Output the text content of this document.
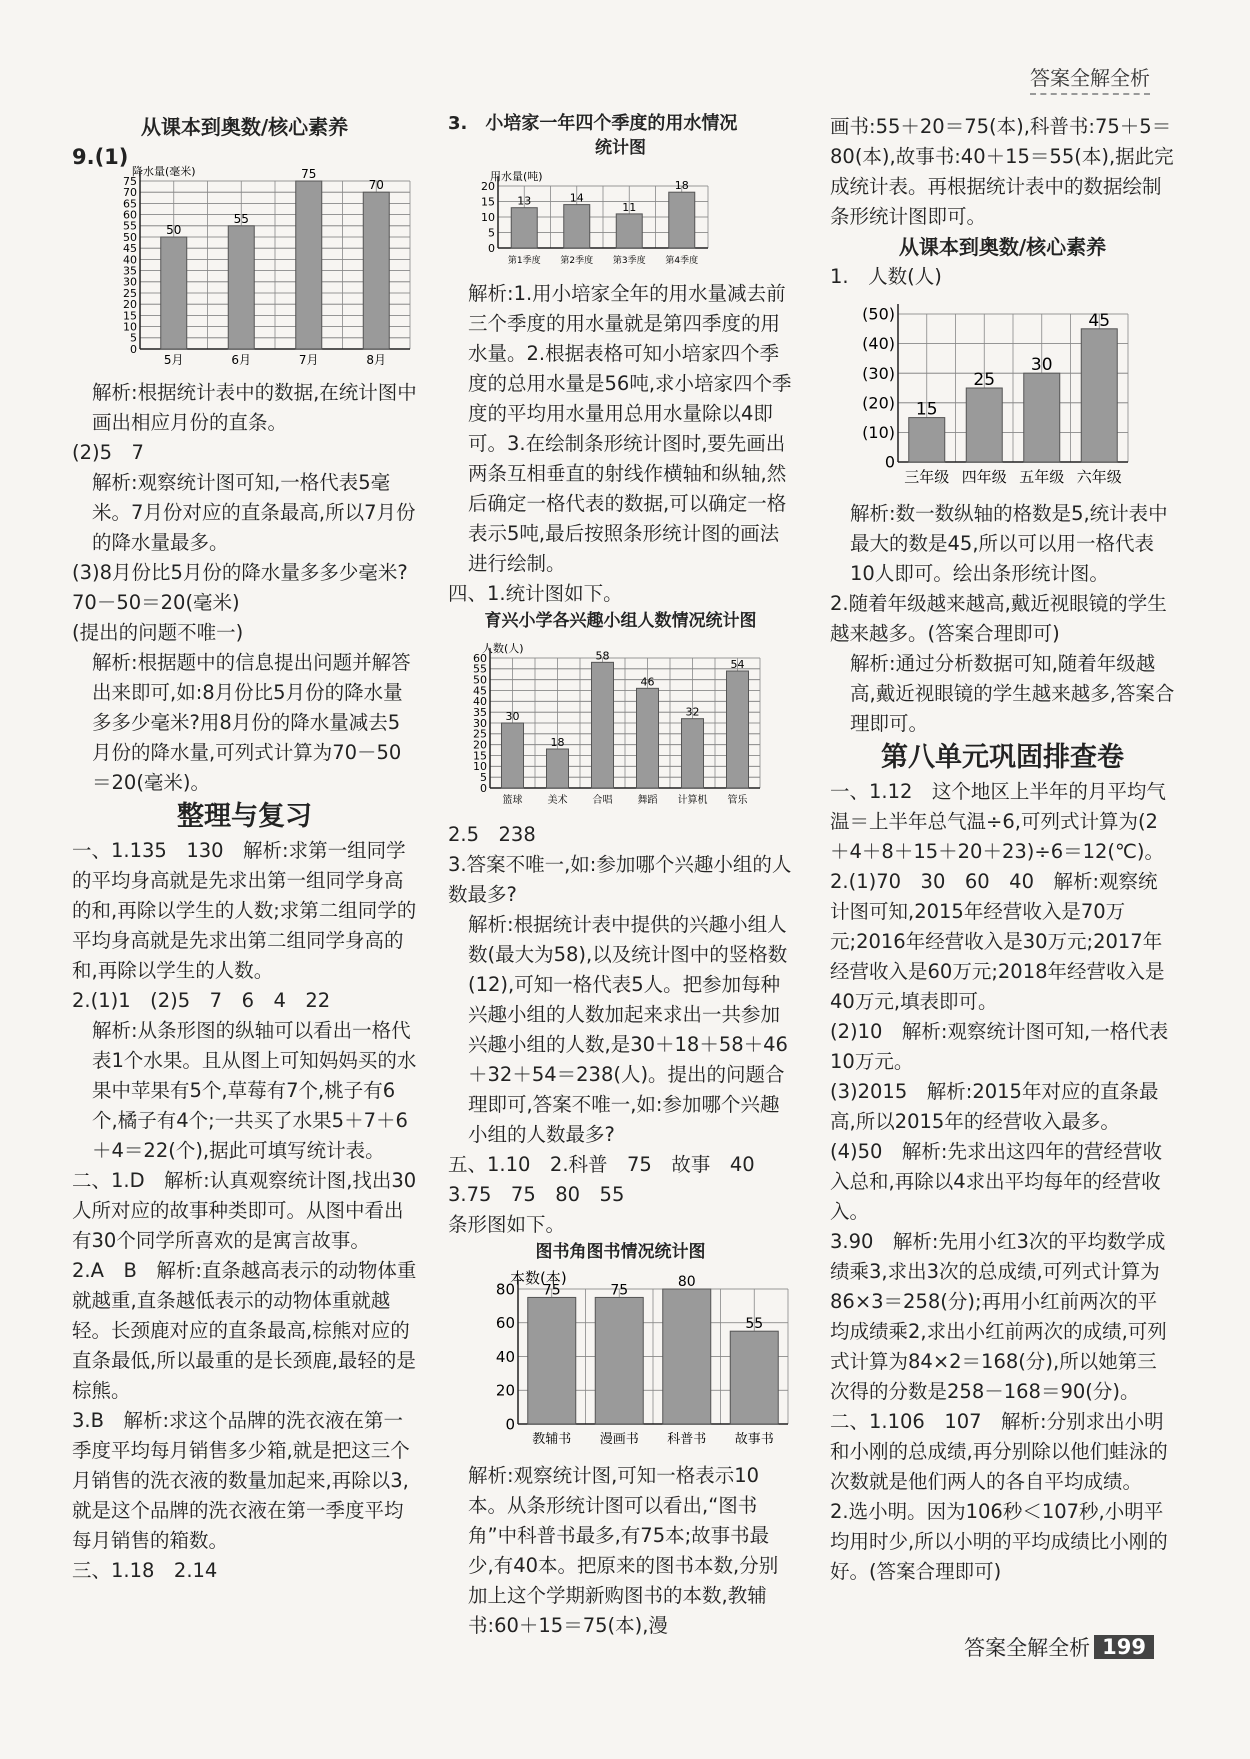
答案全解全析
从课本到奥数/核心素养
9.(1)
降水量(毫米)
0
5
10
15
20
25
30
35
40
45
50
55
60
65
70
75
50
5月
55
6月
75
7月
70
8月
解析:根据统计表中的数据,在统计图中画出相应月份的直条。
(2)5　7
解析:观察统计图可知,一格代表5毫米。7月份对应的直条最高,所以7月份的降水量最多。
(3)8月份比5月份的降水量多多少毫米?
70－50＝20(毫米)
(提出的问题不唯一)
解析:根据题中的信息提出问题并解答出来即可,如:8月份比5月份的降水量多多少毫米?用8月份的降水量减去5月份的降水量,可列式计算为70－50＝20(毫米)。
整理与复习
一、1.135　130　解析:求第一组同学的平均身高就是先求出第一组同学身高的和,再除以学生的人数;求第二组同学的平均身高就是先求出第二组同学身高的和,再除以学生的人数。
2.(1)1　(2)5　7　6　4　22
解析:从条形图的纵轴可以看出一格代表1个水果。且从图上可知妈妈买的水果中苹果有5个,草莓有7个,桃子有6个,橘子有4个;一共买了水果5＋7＋6＋4＝22(个),据此可填写统计表。
二、1.D　解析:认真观察统计图,找出30人所对应的故事种类即可。从图中看出有30个同学所喜欢的是寓言故事。
2.A　B　解析:直条越高表示的动物体重就越重,直条越低表示的动物体重就越轻。长颈鹿对应的直条最高,棕熊对应的直条最低,所以最重的是长颈鹿,最轻的是棕熊。
3.B　解析:求这个品牌的洗衣液在第一季度平均每月销售多少箱,就是把这三个月销售的洗衣液的数量加起来,再除以3,就是这个品牌的洗衣液在第一季度平均每月销售的箱数。
三、1.18　2.14
3.　小培家一年四个季度的用水情况
统计图
用水量(吨)
0
5
10
15
20
13
第1季度
14
第2季度
11
第3季度
18
第4季度
解析:1.用小培家全年的用水量减去前三个季度的用水量就是第四季度的用水量。2.根据表格可知小培家四个季度的总用水量是56吨,求小培家四个季度的平均用水量用总用水量除以4即可。3.在绘制条形统计图时,要先画出两条互相垂直的射线作横轴和纵轴,然后确定一格代表的数据,可以确定一格表示5吨,最后按照条形统计图的画法进行绘制。
四、1.统计图如下。
育兴小学各兴趣小组人数情况统计图
人数(人)
0
5
10
15
20
25
30
35
40
45
50
55
60
30
篮球
18
美术
58
合唱
46
舞蹈
32
计算机
54
管乐
2.5　238
3.答案不唯一,如:参加哪个兴趣小组的人数最多?
解析:根据统计表中提供的兴趣小组人数(最大为58),以及统计图中的竖格数(12),可知一格代表5人。把参加每种兴趣小组的人数加起来求出一共参加兴趣小组的人数,是30＋18＋58＋46＋32＋54＝238(人)。提出的问题合理即可,答案不唯一,如:参加哪个兴趣小组的人数最多?
五、1.10　2.科普　75　故事　40
3.75　75　80　55
条形图如下。
图书角图书情况统计图
本数(本)
0
20
40
60
80 75
教辅书
75
漫画书
80
科普书
55
故事书
解析:观察统计图,可知一格表示10本。从条形统计图可以看出,“图书角”中科普书最多,有75本;故事书最少,有40本。把原来的图书本数,分别加上这个学期新购图书的本数,教辅书:60＋15＝75(本),漫
画书:55＋20＝75(本),科普书:75＋5＝80(本),故事书:40＋15＝55(本),据此完成统计表。再根据统计表中的数据绘制条形统计图即可。
从课本到奥数/核心素养
1.　人数(人)
0
(10)
(20)
(30)
(40)
(50)
15
三年级
25
四年级
30
五年级
45
六年级
解析:数一数纵轴的格数是5,统计表中最大的数是45,所以可以用一格代表10人即可。绘出条形统计图。
2.随着年级越来越高,戴近视眼镜的学生越来越多。(答案合理即可)
解析:通过分析数据可知,随着年级越高,戴近视眼镜的学生越来越多,答案合理即可。
第八单元巩固排查卷
一、1.12　这个地区上半年的月平均气温＝上半年总气温÷6,可列式计算为(2＋4＋8＋15＋20＋23)÷6＝12(℃)。
2.(1)70　30　60　40　解析:观察统计图可知,2015年经营收入是70万元;2016年经营收入是30万元;2017年经营收入是60万元;2018年经营收入是40万元,填表即可。
(2)10　解析:观察统计图可知,一格代表10万元。
(3)2015　解析:2015年对应的直条最高,所以2015年的经营收入最多。
(4)50　解析:先求出这四年的营经营收入总和,再除以4求出平均每年的经营收入。
3.90　解析:先用小红3次的平均数学成绩乘3,求出3次的总成绩,可列式计算为86×3＝258(分);再用小红前两次的平均成绩乘2,求出小红前两次的成绩,可列式计算为84×2＝168(分),所以她第三次得的分数是258－168＝90(分)。
二、1.106　107　解析:分别求出小明和小刚的总成绩,再分别除以他们蛙泳的次数就是他们两人的各自平均成绩。
2.选小明。因为106秒＜107秒,小明平均用时少,所以小明的平均成绩比小刚的好。(答案合理即可)
答案全解全析 199
